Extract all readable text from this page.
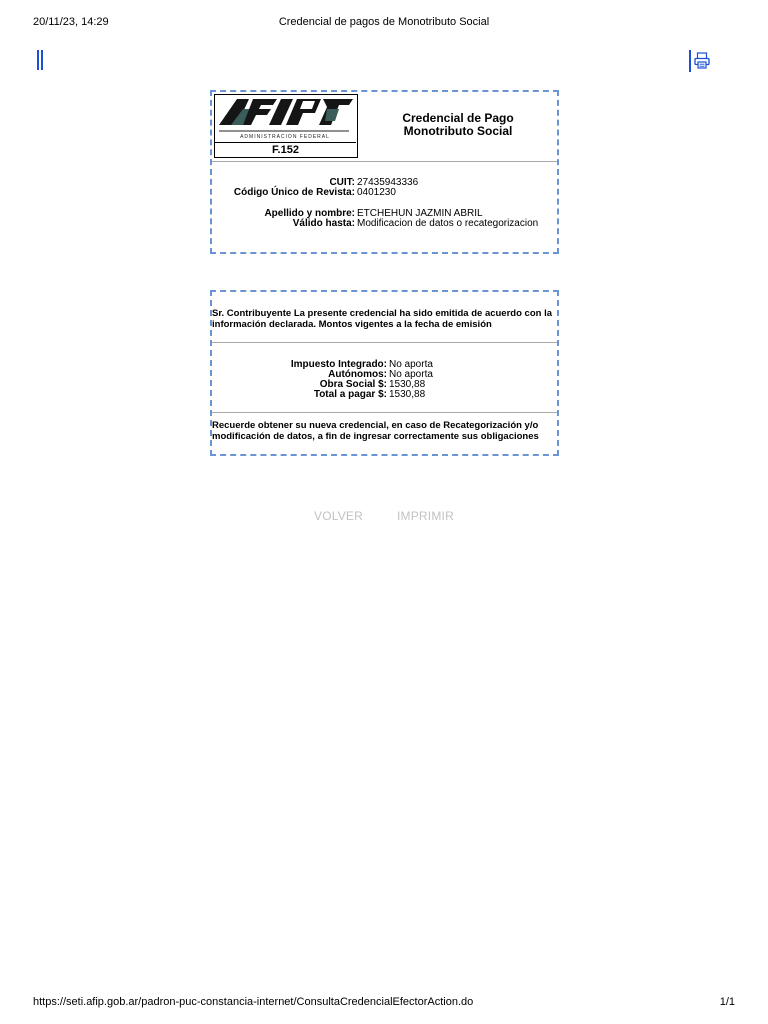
20/11/23, 14:29	Credencial de pagos de Monotributo Social
ADMINISTRACION FEDERAL
F.152
Credencial de Pago
Monotributo Social
CUIT: 27435943336
Código Único de Revista: 0401230
Apellido y nombre: ETCHEHUN JAZMIN ABRIL
Válido hasta: Modificacion de datos o recategorizacion
Sr. Contribuyente La presente credencial ha sido emitida de acuerdo con la información declarada. Montos vigentes a la fecha de emisión
Impuesto Integrado: No aporta
Autónomos: No aporta
Obra Social $: 1530,88
Total a pagar $: 1530,88
Recuerde obtener su nueva credencial, en caso de Recategorización y/o modificación de datos, a fin de ingresar correctamente sus obligaciones
VOLVER	IMPRIMIR
https://seti.afip.gob.ar/padron-puc-constancia-internet/ConsultaCredencialEfectorAction.do	1/1
